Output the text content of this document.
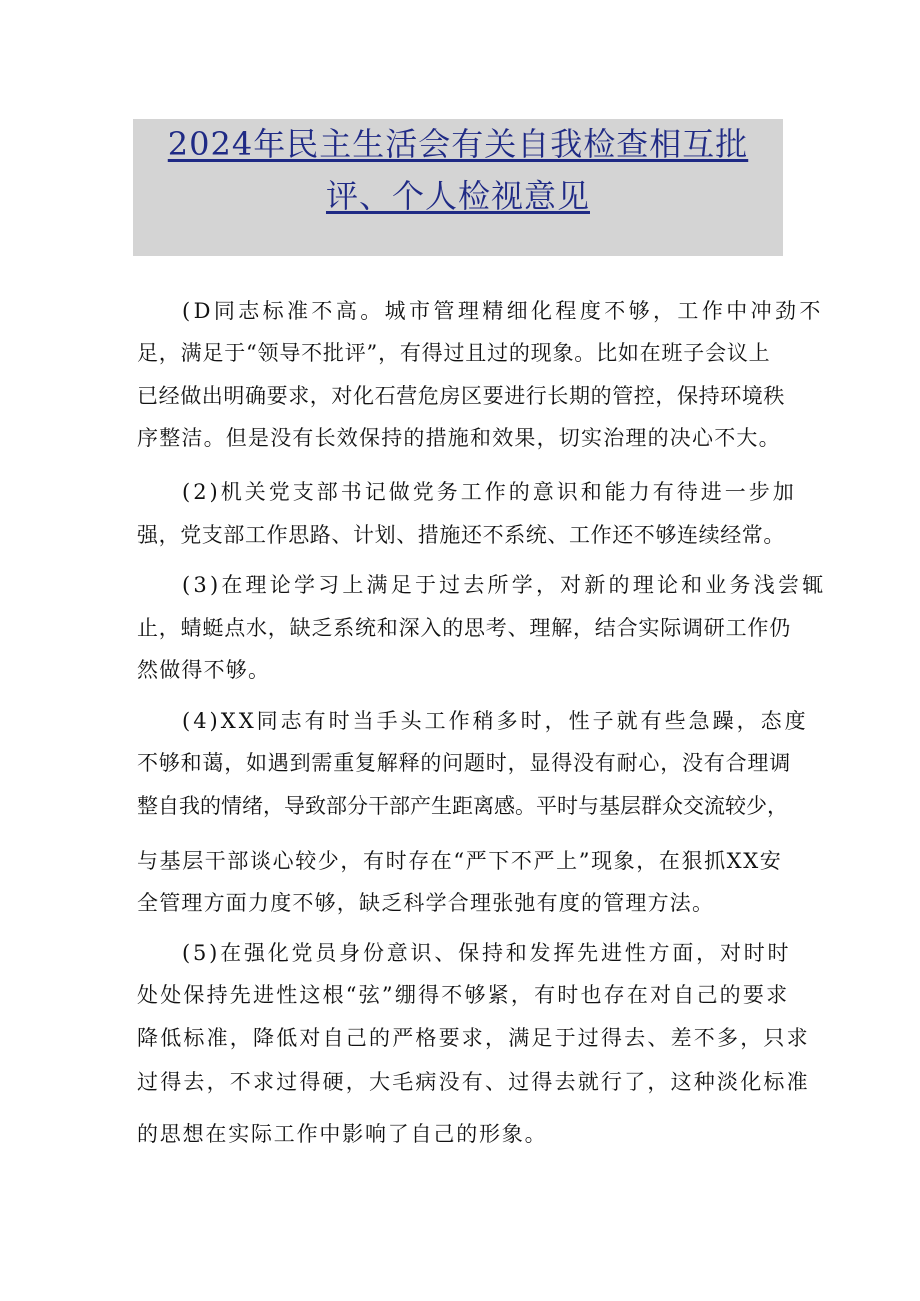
2024年民主生活会有关自我检查相互批
评、个人检视意见
(D同志标准不高。城市管理精细化程度不够，工作中冲劲不
足，满足于“领导不批评”，有得过且过的现象。比如在班子会议上
已经做出明确要求，对化石营危房区要进行长期的管控，保持环境秩
序整洁。但是没有长效保持的措施和效果，切实治理的决心不大。
(2)机关党支部书记做党务工作的意识和能力有待进一步加
强，党支部工作思路、计划、措施还不系统、工作还不够连续经常。
(3)在理论学习上满足于过去所学，对新的理论和业务浅尝辄
止，蜻蜓点水，缺乏系统和深入的思考、理解，结合实际调研工作仍
然做得不够。
(4)XX同志有时当手头工作稍多时，性子就有些急躁，态度
不够和蔼，如遇到需重复解释的问题时，显得没有耐心，没有合理调
整自我的情绪，导致部分干部产生距离感。平时与基层群众交流较少，
与基层干部谈心较少，有时存在“严下不严上”现象，在狠抓XX安
全管理方面力度不够，缺乏科学合理张弛有度的管理方法。
(5)在强化党员身份意识、保持和发挥先进性方面，对时时
处处保持先进性这根“弦”绷得不够紧，有时也存在对自己的要求
降低标准，降低对自己的严格要求，满足于过得去、差不多，只求
过得去，不求过得硬，大毛病没有、过得去就行了，这种淡化标准
的思想在实际工作中影响了自己的形象。
